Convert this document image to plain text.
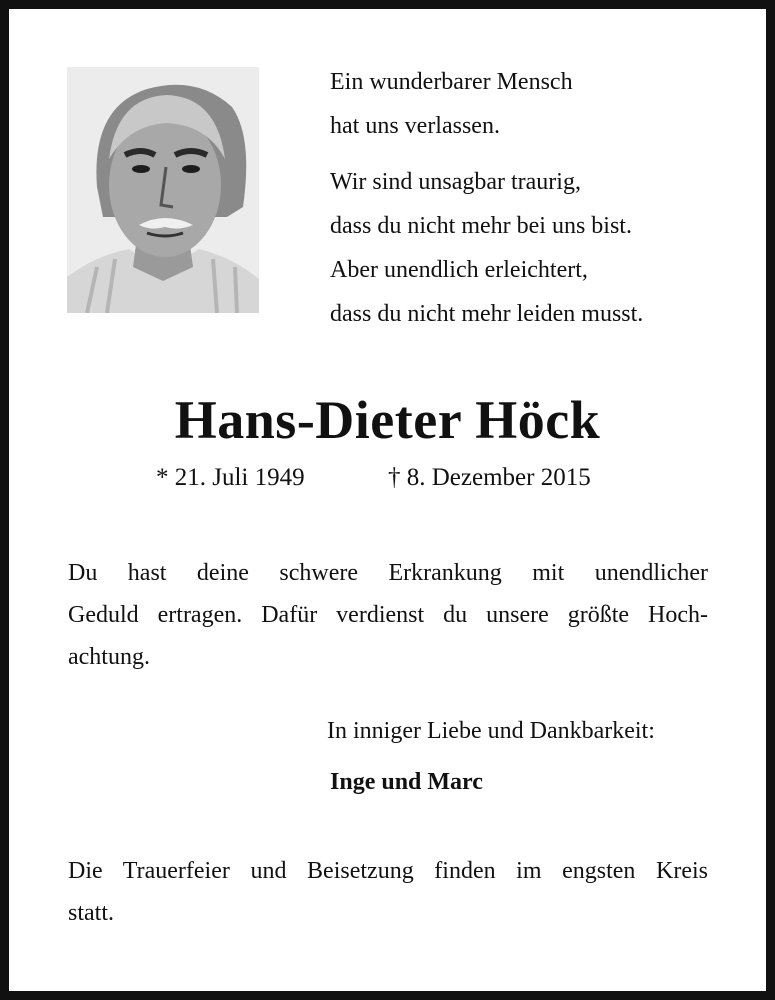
Ein wunderbarer Mensch
hat uns verlassen.
Wir sind unsagbar traurig,
dass du nicht mehr bei uns bist.
Aber unendlich erleichtert,
dass du nicht mehr leiden musst.
Hans-Dieter Höck
* 21. Juli 1949	† 8. Dezember 2015
Du hast deine schwere Erkrankung mit unendlicher
Geduld ertragen. Dafür verdienst du unsere größte Hoch-
achtung.
In inniger Liebe und Dankbarkeit:
Inge und Marc
Die Trauerfeier und Beisetzung finden im engsten Kreis
statt.
